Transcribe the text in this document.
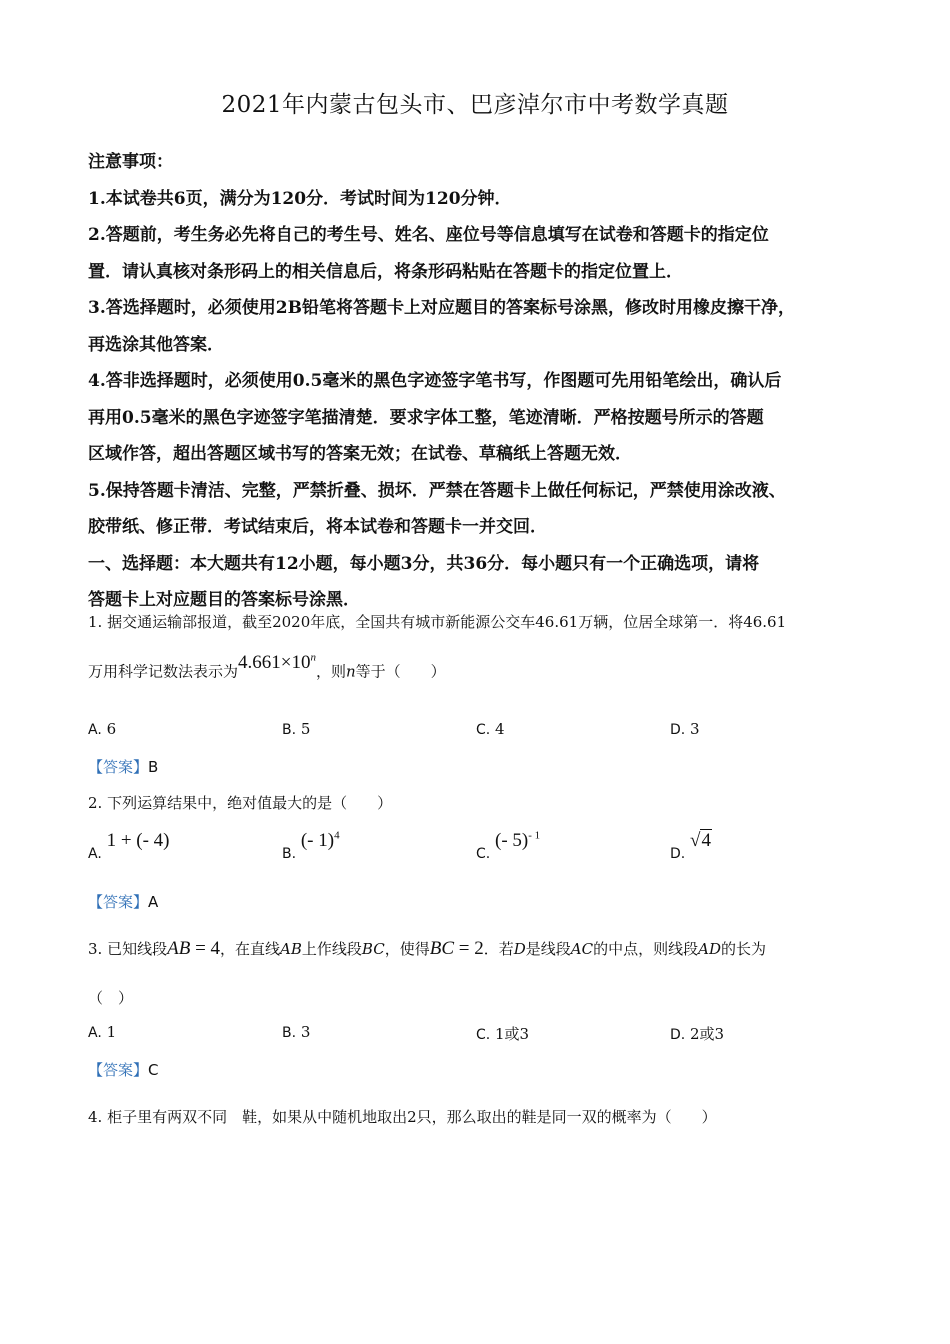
2021年内蒙古包头市、巴彦淖尔市中考数学真题
注意事项：
1.本试卷共6页，满分为120分．考试时间为120分钟．
2.答题前，考生务必先将自己的考生号、姓名、座位号等信息填写在试卷和答题卡的指定位
置．请认真核对条形码上的相关信息后，将条形码粘贴在答题卡的指定位置上．
3.答选择题时，必须使用2B铅笔将答题卡上对应题目的答案标号涂黑，修改时用橡皮擦干净，
再选涂其他答案．
4.答非选择题时，必须使用0.5毫米的黑色字迹签字笔书写，作图题可先用铅笔绘出，确认后
再用0.5毫米的黑色字迹签字笔描清楚．要求字体工整，笔迹清晰．严格按题号所示的答题
区域作答，超出答题区域书写的答案无效；在试卷、草稿纸上答题无效．
5.保持答题卡清洁、完整，严禁折叠、损坏．严禁在答题卡上做任何标记，严禁使用涂改液、
胶带纸、修正带．考试结束后，将本试卷和答题卡一并交回．
一、选择题：本大题共有12小题，每小题3分，共36分．每小题只有一个正确选项，请将
答题卡上对应题目的答案标号涂黑．
1. 据交通运输部报道，截至2020年底，全国共有城市新能源公交车46.61万辆，位居全球第一．将46.61
万用科学记数法表示为$4.661\times 10^n$，则n等于（　　）
A. 6	B. 5	C. 4	D. 3
【答案】B
2. 下列运算结果中，绝对值最大的是（　　）
A. 1 + (- 4)
B. (- 1)$^4$
C. (- 5)$^{- 1}$
D. √4
【答案】A
3. 已知线段AB = 4，在直线AB上作线段BC，使得BC = 2．若D是线段AC的中点，则线段AD的长为
（　）
A. 1	B. 3	C. 1或3	D. 2或3
【答案】C
4. 柜子里有两双不同　鞋，如果从中随机地取出2只，那么取出的鞋是同一双的概率为（　　）
